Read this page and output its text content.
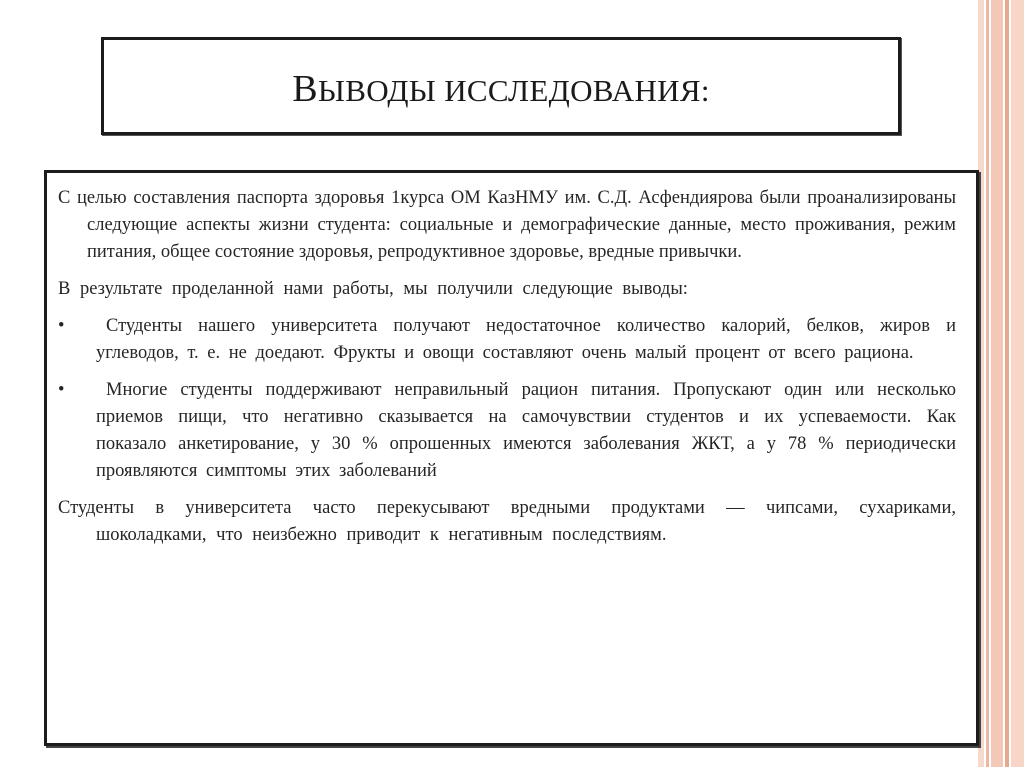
ВЫВОДЫ ИССЛЕДОВАНИЯ:

С целью составления паспорта здоровья 1курса ОМ КазНМУ им. С.Д. Асфендиярова были проанализированы следующие аспекты жизни студента: социальные и демографические данные, место проживания, режим питания, общее состояние здоровья, репродуктивное здоровье, вредные привычки.

В результате проделанной нами работы, мы получили следующие выводы:

•	Студенты нашего университета получают недостаточное количество калорий, белков, жиров и углеводов, т. е. не доедают. Фрукты и овощи составляют очень малый процент от всего рациона.
•	Многие студенты поддерживают неправильный рацион питания. Пропускают один или несколько приемов пищи, что негативно сказывается на самочувствии студентов и их успеваемости. Как показало анкетирование, у 30 % опрошенных имеются заболевания ЖКТ, а у 78 % периодически проявляются симптомы этих заболеваний

Студенты в университета часто перекусывают вредными продуктами — чипсами, сухариками, шоколадками, что неизбежно приводит к негативным последствиям.
